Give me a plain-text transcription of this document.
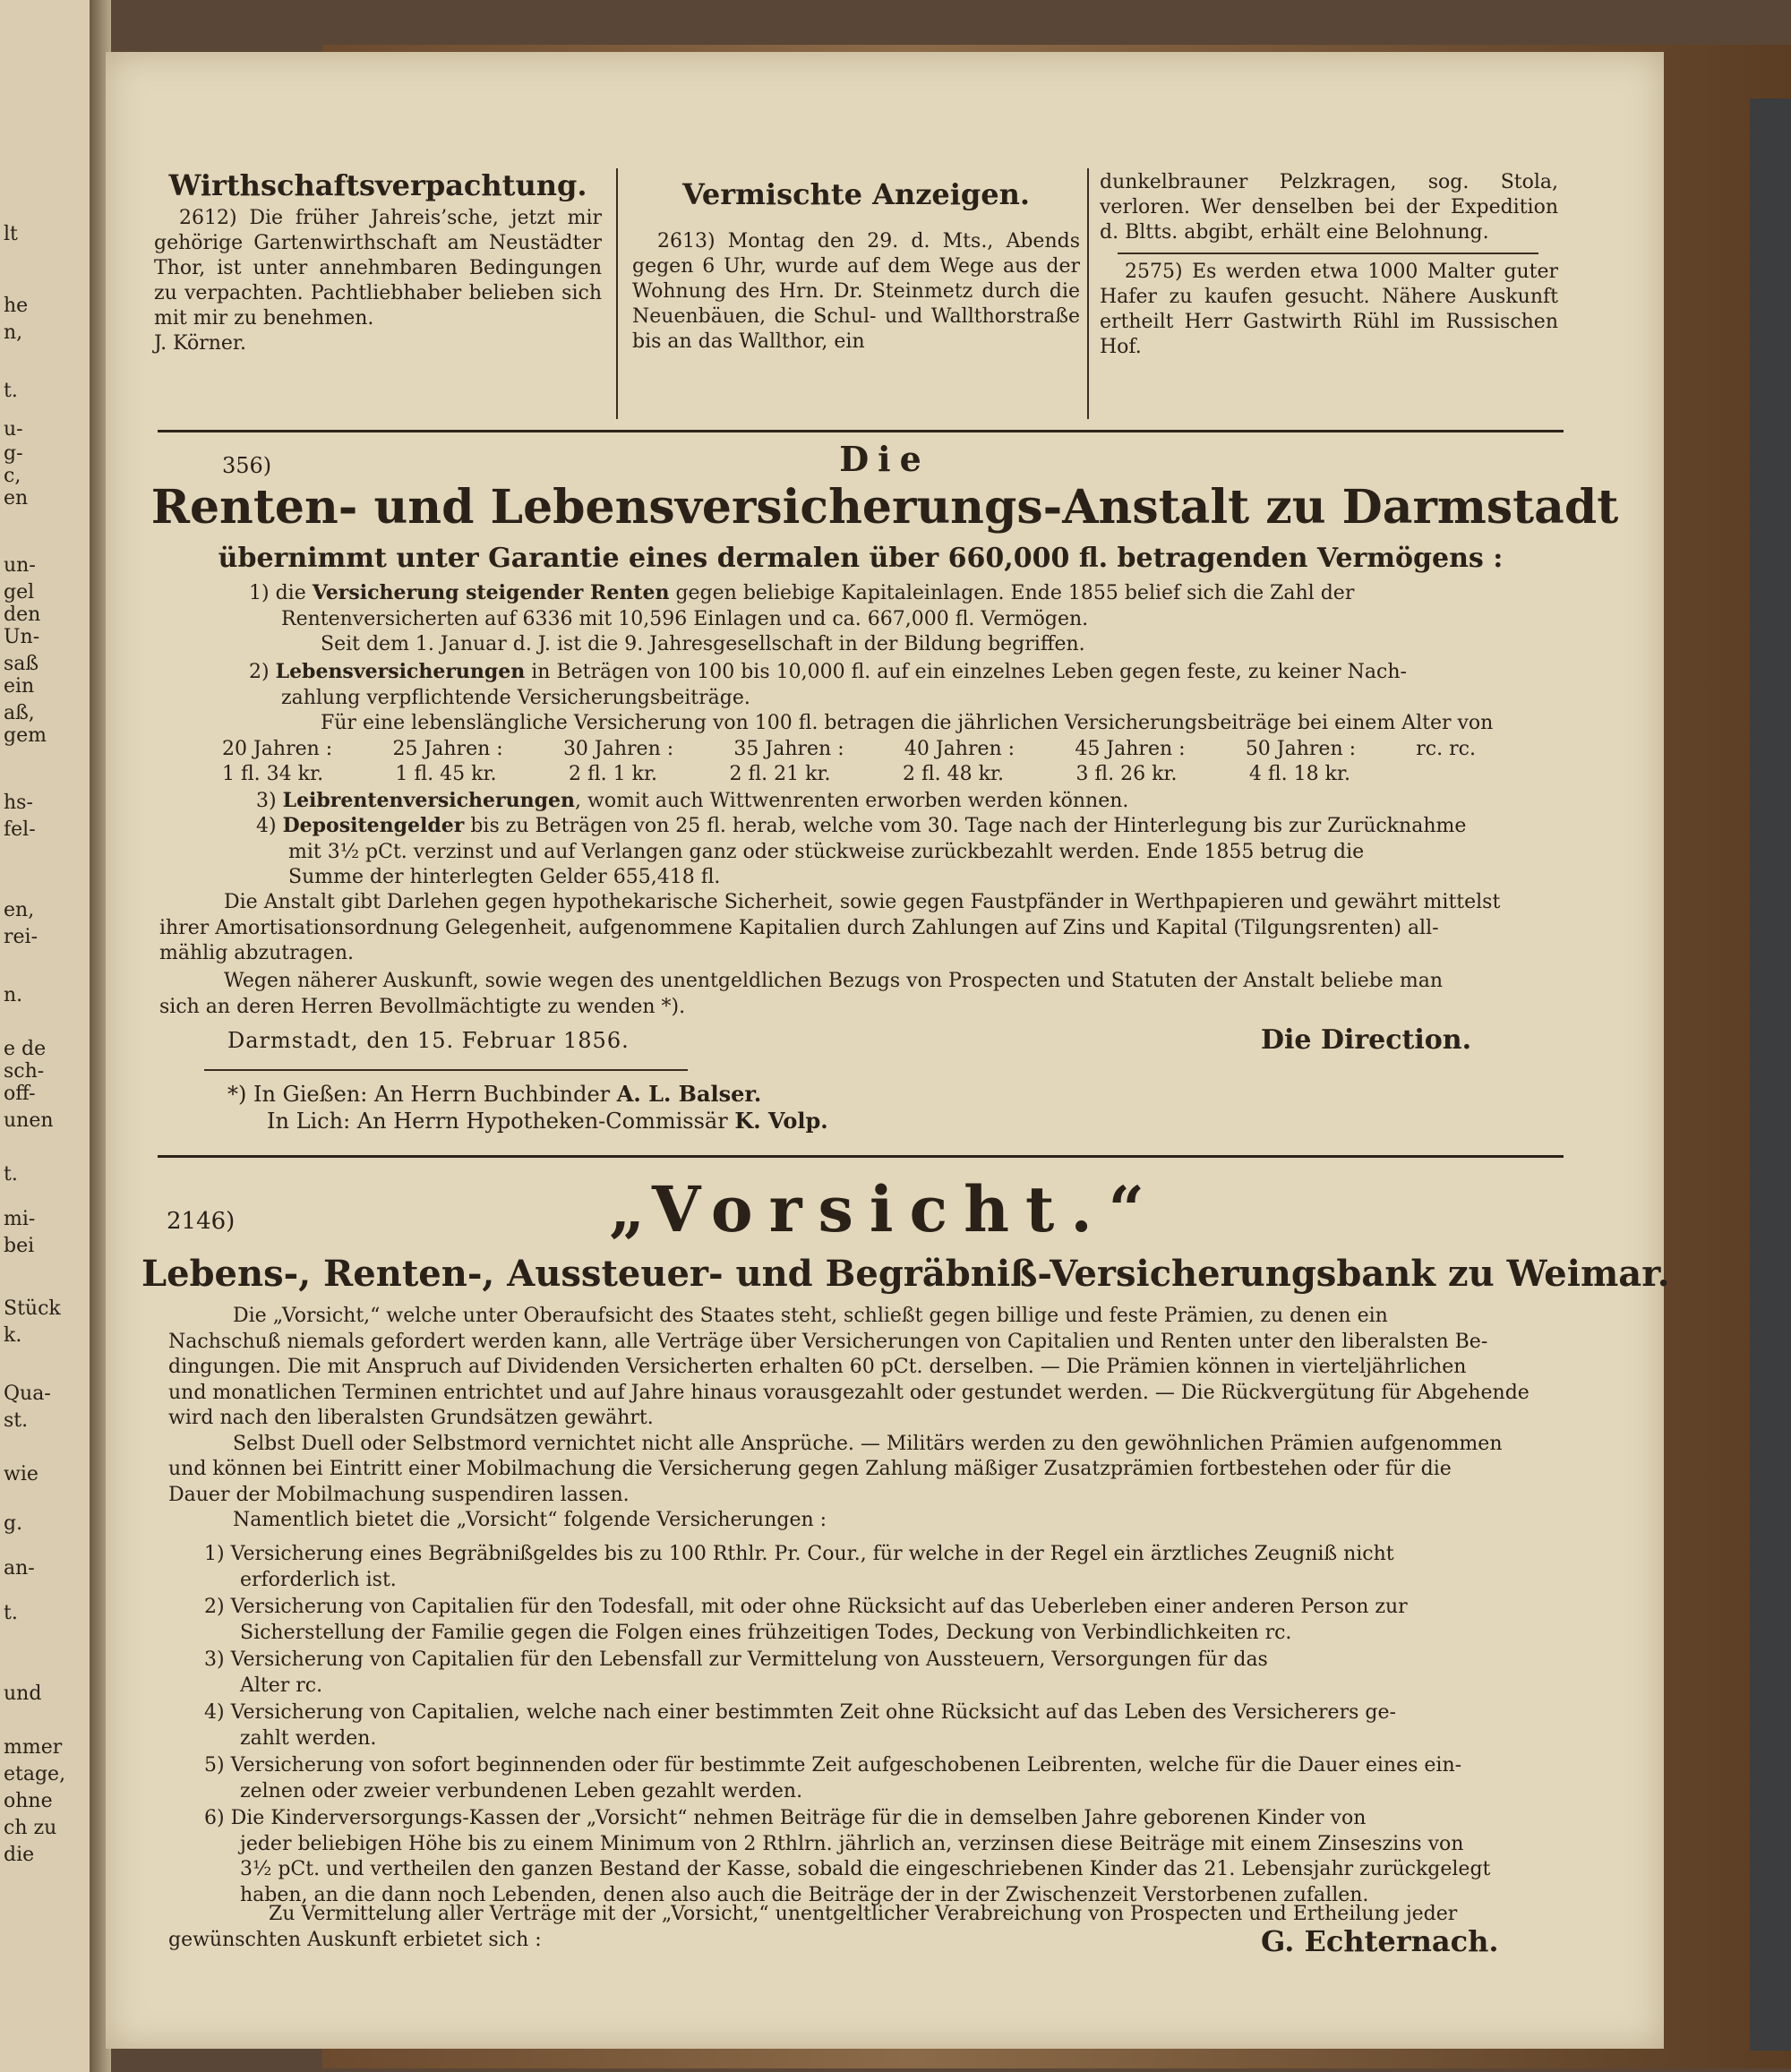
lt
he
n,
t.
u-
g-
c,
en
un-
gel
den
Un-
saß
ein
aß,
gem
hs-
fel-
en,
rei-
n.
e de
sch-
off-
unen
t.
mi-
bei
Stück
k.
Qua-
st.
wie
g.
an-
t.
und
mmer
etage,
ohne
ch zu
die
Wirthschaftsverpachtung.

2612) Die früher Jahreis’sche, jetzt mir gehörige Gartenwirthschaft am Neustädter Thor, ist unter annehmbaren Bedingungen zu verpachten. Pachtliebhaber belieben sich mit mir zu benehmen.

J. Körner.

Vermischte Anzeigen.

2613) Montag den 29. d. Mts., Abends gegen 6 Uhr, wurde auf dem Wege aus der Wohnung des Hrn. Dr. Steinmetz durch die Neuenbäuen, die Schul- und Wallthorstraße bis an das Wallthor, ein

dunkelbrauner Pelzkragen, sog. Stola, verloren. Wer denselben bei der Expedition d. Bltts. abgibt, erhält eine Belohnung.

2575) Es werden etwa 1000 Malter guter Hafer zu kaufen gesucht. Nähere Auskunft ertheilt Herr Gastwirth Rühl im Russischen Hof.

356)	Die
Renten- und Lebensversicherungs-Anstalt zu Darmstadt
übernimmt unter Garantie eines dermalen über 660,000 fl. betragenden Vermögens :
1) die Versicherung steigender Renten gegen beliebige Kapitaleinlagen. Ende 1855 belief sich die Zahl der
Rentenversicherten auf 6336 mit 10,596 Einlagen und ca. 667,000 fl. Vermögen.
Seit dem 1. Januar d. J. ist die 9. Jahresgesellschaft in der Bildung begriffen.
2) Lebensversicherungen in Beträgen von 100 bis 10,000 fl. auf ein einzelnes Leben gegen feste, zu keiner Nach-
zahlung verpflichtende Versicherungsbeiträge.
Für eine lebenslängliche Versicherung von 100 fl. betragen die jährlichen Versicherungsbeiträge bei einem Alter von
20 Jahren :	25 Jahren :	30 Jahren :	35 Jahren :	40 Jahren :	45 Jahren :	50 Jahren :	rc. rc.
1 fl. 34 kr.	1 fl. 45 kr.	2 fl. 1 kr.	2 fl. 21 kr.	2 fl. 48 kr.	3 fl. 26 kr.	4 fl. 18 kr.
3) Leibrentenversicherungen, womit auch Wittwenrenten erworben werden können.
4) Depositengelder bis zu Beträgen von 25 fl. herab, welche vom 30. Tage nach der Hinterlegung bis zur Zurücknahme
mit 3½ pCt. verzinst und auf Verlangen ganz oder stückweise zurückbezahlt werden. Ende 1855 betrug die
Summe der hinterlegten Gelder 655,418 fl.
Die Anstalt gibt Darlehen gegen hypothekarische Sicherheit, sowie gegen Faustpfänder in Werthpapieren und gewährt mittelst
ihrer Amortisationsordnung Gelegenheit, aufgenommene Kapitalien durch Zahlungen auf Zins und Kapital (Tilgungsrenten) all-
mählig abzutragen.
Wegen näherer Auskunft, sowie wegen des unentgeldlichen Bezugs von Prospecten und Statuten der Anstalt beliebe man
sich an deren Herren Bevollmächtigte zu wenden *).
Darmstadt, den 15. Februar 1856.	Die Direction.
*) In Gießen: An Herrn Buchbinder A. L. Balser.
In Lich: An Herrn Hypotheken-Commissär K. Volp.
2146)	„Vorsicht.“
Lebens-, Renten-, Aussteuer- und Begräbniß-Versicherungsbank zu Weimar.
Die „Vorsicht,“ welche unter Oberaufsicht des Staates steht, schließt gegen billige und feste Prämien, zu denen ein
Nachschuß niemals gefordert werden kann, alle Verträge über Versicherungen von Capitalien und Renten unter den liberalsten Be-
dingungen. Die mit Anspruch auf Dividenden Versicherten erhalten 60 pCt. derselben. — Die Prämien können in vierteljährlichen
und monatlichen Terminen entrichtet und auf Jahre hinaus vorausgezahlt oder gestundet werden. — Die Rückvergütung für Abgehende
wird nach den liberalsten Grundsätzen gewährt.
Selbst Duell oder Selbstmord vernichtet nicht alle Ansprüche. — Militärs werden zu den gewöhnlichen Prämien aufgenommen
und können bei Eintritt einer Mobilmachung die Versicherung gegen Zahlung mäßiger Zusatzprämien fortbestehen oder für die
Dauer der Mobilmachung suspendiren lassen.
Namentlich bietet die „Vorsicht“ folgende Versicherungen :
1) Versicherung eines Begräbnißgeldes bis zu 100 Rthlr. Pr. Cour., für welche in der Regel ein ärztliches Zeugniß nicht
erforderlich ist.
2) Versicherung von Capitalien für den Todesfall, mit oder ohne Rücksicht auf das Ueberleben einer anderen Person zur
Sicherstellung der Familie gegen die Folgen eines frühzeitigen Todes, Deckung von Verbindlichkeiten rc.
3) Versicherung von Capitalien für den Lebensfall zur Vermittelung von Aussteuern, Versorgungen für das
Alter rc.
4) Versicherung von Capitalien, welche nach einer bestimmten Zeit ohne Rücksicht auf das Leben des Versicherers ge-
zahlt werden.
5) Versicherung von sofort beginnenden oder für bestimmte Zeit aufgeschobenen Leibrenten, welche für die Dauer eines ein-
zelnen oder zweier verbundenen Leben gezahlt werden.
6) Die Kinderversorgungs-Kassen der „Vorsicht“ nehmen Beiträge für die in demselben Jahre geborenen Kinder von
jeder beliebigen Höhe bis zu einem Minimum von 2 Rthlrn. jährlich an, verzinsen diese Beiträge mit einem Zinseszins von
3½ pCt. und vertheilen den ganzen Bestand der Kasse, sobald die eingeschriebenen Kinder das 21. Lebensjahr zurückgelegt
haben, an die dann noch Lebenden, denen also auch die Beiträge der in der Zwischenzeit Verstorbenen zufallen.
Zu Vermittelung aller Verträge mit der „Vorsicht,“ unentgeltlicher Verabreichung von Prospecten und Ertheilung jeder
gewünschten Auskunft erbietet sich :	G. Echternach.
